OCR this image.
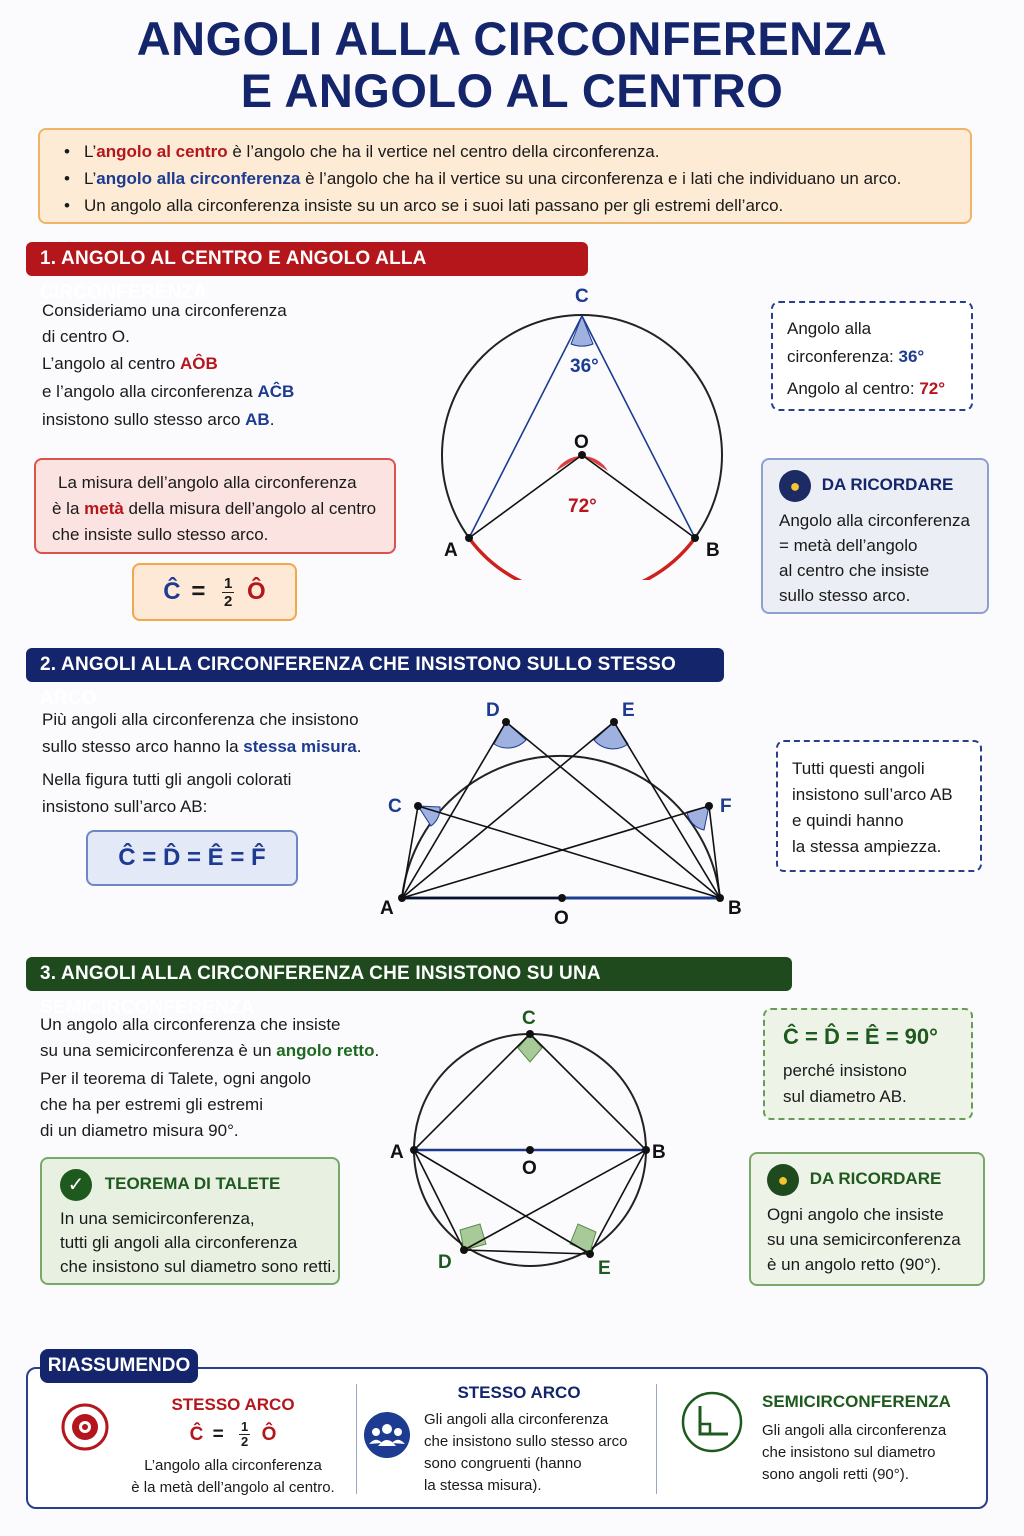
ANGOLI ALLA CIRCONFERENZA
E ANGOLO AL CENTRO
• L’angolo al centro è l’angolo che ha il vertice nel centro della circonferenza.
• L’angolo alla circonferenza è l’angolo che ha il vertice su una circonferenza e i lati che individuano un arco.
• Un angolo alla circonferenza insiste su un arco se i suoi lati passano per gli estremi dell’arco.
1. ANGOLO AL CENTRO E ANGOLO ALLA CIRCONFERENZA
Consideriamo una circonferenza
di centro O.
L’angolo al centro AÔB
e l’angolo alla circonferenza AĈB
insistono sullo stesso arco AB.
La misura dell’angolo alla circonferenza
è la metà della misura dell’angolo al centro
che insiste sullo stesso arco.
Ĉ = $\frac{1}{2}$ Ô
C
36°
O
72°
A	B
Angolo alla
circonferenza: 36°
Angolo al centro: 72°
● DA RICORDARE
Angolo alla circonferenza
= metà dell’angolo
al centro che insiste
sullo stesso arco.
2. ANGOLI ALLA CIRCONFERENZA CHE INSISTONO SULLO STESSO ARCO
Più angoli alla circonferenza che insistono
sullo stesso arco hanno la stessa misura.
Nella figura tutti gli angoli colorati
insistono sull’arco AB:
Ĉ = D̂ = Ê = F̂
C
D	E
F
A	B
O
Tutti questi angoli
insistono sull’arco AB
e quindi hanno
la stessa ampiezza.
3. ANGOLI ALLA CIRCONFERENZA CHE INSISTONO SU UNA SEMICIRCONFERENZA
Un angolo alla circonferenza che insiste
su una semicirconferenza è un angolo retto.
Per il teorema di Talete, ogni angolo
che ha per estremi gli estremi
di un diametro misura 90°.
✓ TEOREMA DI TALETE
In una semicirconferenza,
tutti gli angoli alla circonferenza
che insistono sul diametro sono retti.
C
A	B
O
D	E
Ĉ = D̂ = Ê = 90°
perché insistono
sul diametro AB.
● DA RICORDARE
Ogni angolo che insiste
su una semicirconferenza
è un angolo retto (90°).
RIASSUMENDO
STESSO ARCO
Ĉ = $\frac{1}{2}$ Ô
L’angolo alla circonferenza
è la metà dell’angolo al centro.
STESSO ARCO
Gli angoli alla circonferenza
che insistono sullo stesso arco
sono congruenti (hanno
la stessa misura).
SEMICIRCONFERENZA
Gli angoli alla circonferenza
che insistono sul diametro
sono angoli retti (90°).
